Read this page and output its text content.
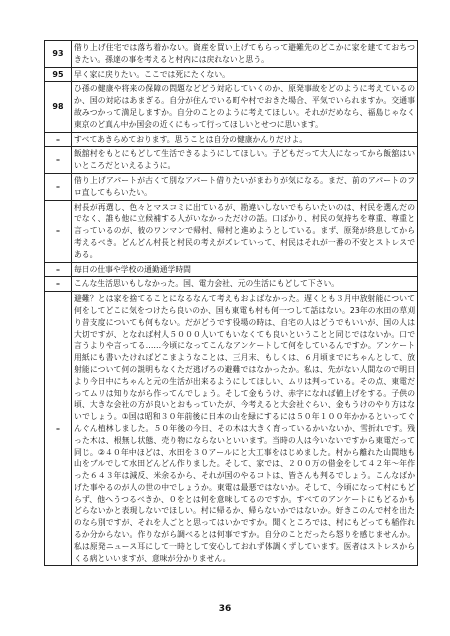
93	借り上げ住宅では落ち着かない。資産を買い上げてもらって避難先のどこかに家を建てておちつきたい。孫達の事を考えると村内には戻れないと思う。
95	早く家に戻りたい。ここでは死にたくない。
98	ひ孫の健康や将来の保障の問題などどう対応していくのか、原発事故をどのように考えているのか、国の対応はあまぎる。自分が住んでいる町や村でおきた場合、平気でいられますか。交通事故みつかって満足しますか。自分のことのように考えてほしい。それがだめなら、福島じゃなく東京のど真ん中か国会の近くにもって行ってほしいとせつに思います。
–	すべてあきらめております。思うことは自分の健康かんりだけよ。
–	飯舘村をもとにもどして生活できるようにしてほしい。子どもだって大人になってから飯舘はいいところだといえるように。
–	借り上げアパートが古くて別なアパート借りたいがまわりが気になる。まだ、前のアパートのフロ直してもらいたい。
–	村長が再選し、色々とマスコミに出ているが、勘違いしないでもらいたいのは、村民を選んだのでなく、誰も他に立候補する人がいなかっただけの話。口ばかり、村民の気持ちを尊重、尊重と言っているのが、彼のワンマンで帰村、帰村と進めようとしている。まず、原発が終息してから考えるべき。どんどん村長と村民の考えがズレていって、村民はそれが一番の不安とストレスである。
–	毎日の仕事や学校の通勤通学時間
–	こんな生活思いもしなかった。国、電力会社、元の生活にもどして下さい。
–	避難？とは家を捨てることになるなんて考えもおよばなかった。遅くとも３月中放射能について何をしてどこに気をつけたら良いのか、国も東電も村も何一つして話はない。23年の水田の草刈り昔支度についても何もない。だがどうです役場の時は、自宅の人はどうでもいいが、国の人は大切ですが、となれば村人５０００人いてもいなくても良いということと同じではないか。口で言うよりや言ってる……今頃になってこんなアンケートして何をしているんですか。アンケート用紙にも書いたければどこまようなことは、三月末、もしくは、６月頃までにちゃんとして、放射能について何の説明もなくただ逃げろの避難ではなかったか。私は、先がない人間なので明日より今日中にちゃんと元の生活が出来るようにしてほしい、ムリは判っている。その点、東電だってムリは知りながら作ってんでしょう。そして金もうけ、赤字になれば値上げをする。子供の頃、大きな会社の方が良いとおもっていたが、今考えると大会社ぐらい、金もうけのやり方はないでしょう。①国は昭和３０年前後に日本の山を緑にするには５０年１００年かかるといってぐんぐん植林しました。５０年後の今日、その木は大きく育っているかいないか、雪折れです。残った木は、根無し状態、売り物にならないといいます。当時の人は今いないですから東電だって同じ。②４０年中ほどは、水田を３０アールにと大工事をはじめました。村から離れた山間地も山をブルでして水田どんどん作りました。そして、家では、２００万の借金をして４２年～年作った６４３年は減反、米余るから、それが国のやるコトは、皆さんも判るでしょう。こんなばかげた事やるのが人の世の中でしょうか。東電は最悪ではないか。そして、今頃になって村にもどらず、他へうつるべきか、０をとは何を意味してるのですか。すべてのアンケートにもどるかもどらないかと表現しないでほしい。村に帰るか、帰らないかではないか。好きこのんで村を出たのなら別ですが、それを人ごとと思ってはいかですか。聞くところでは、村にもどっても稲作れるか分からない。作りながら調べるとは何事ですか。自分のことだったら怒りを感じませんか。私は原発ニュース耳にして一時として安心しておれず体調くずしています。医者はストレスからくる病といいますが、意味が分かりません。
36
